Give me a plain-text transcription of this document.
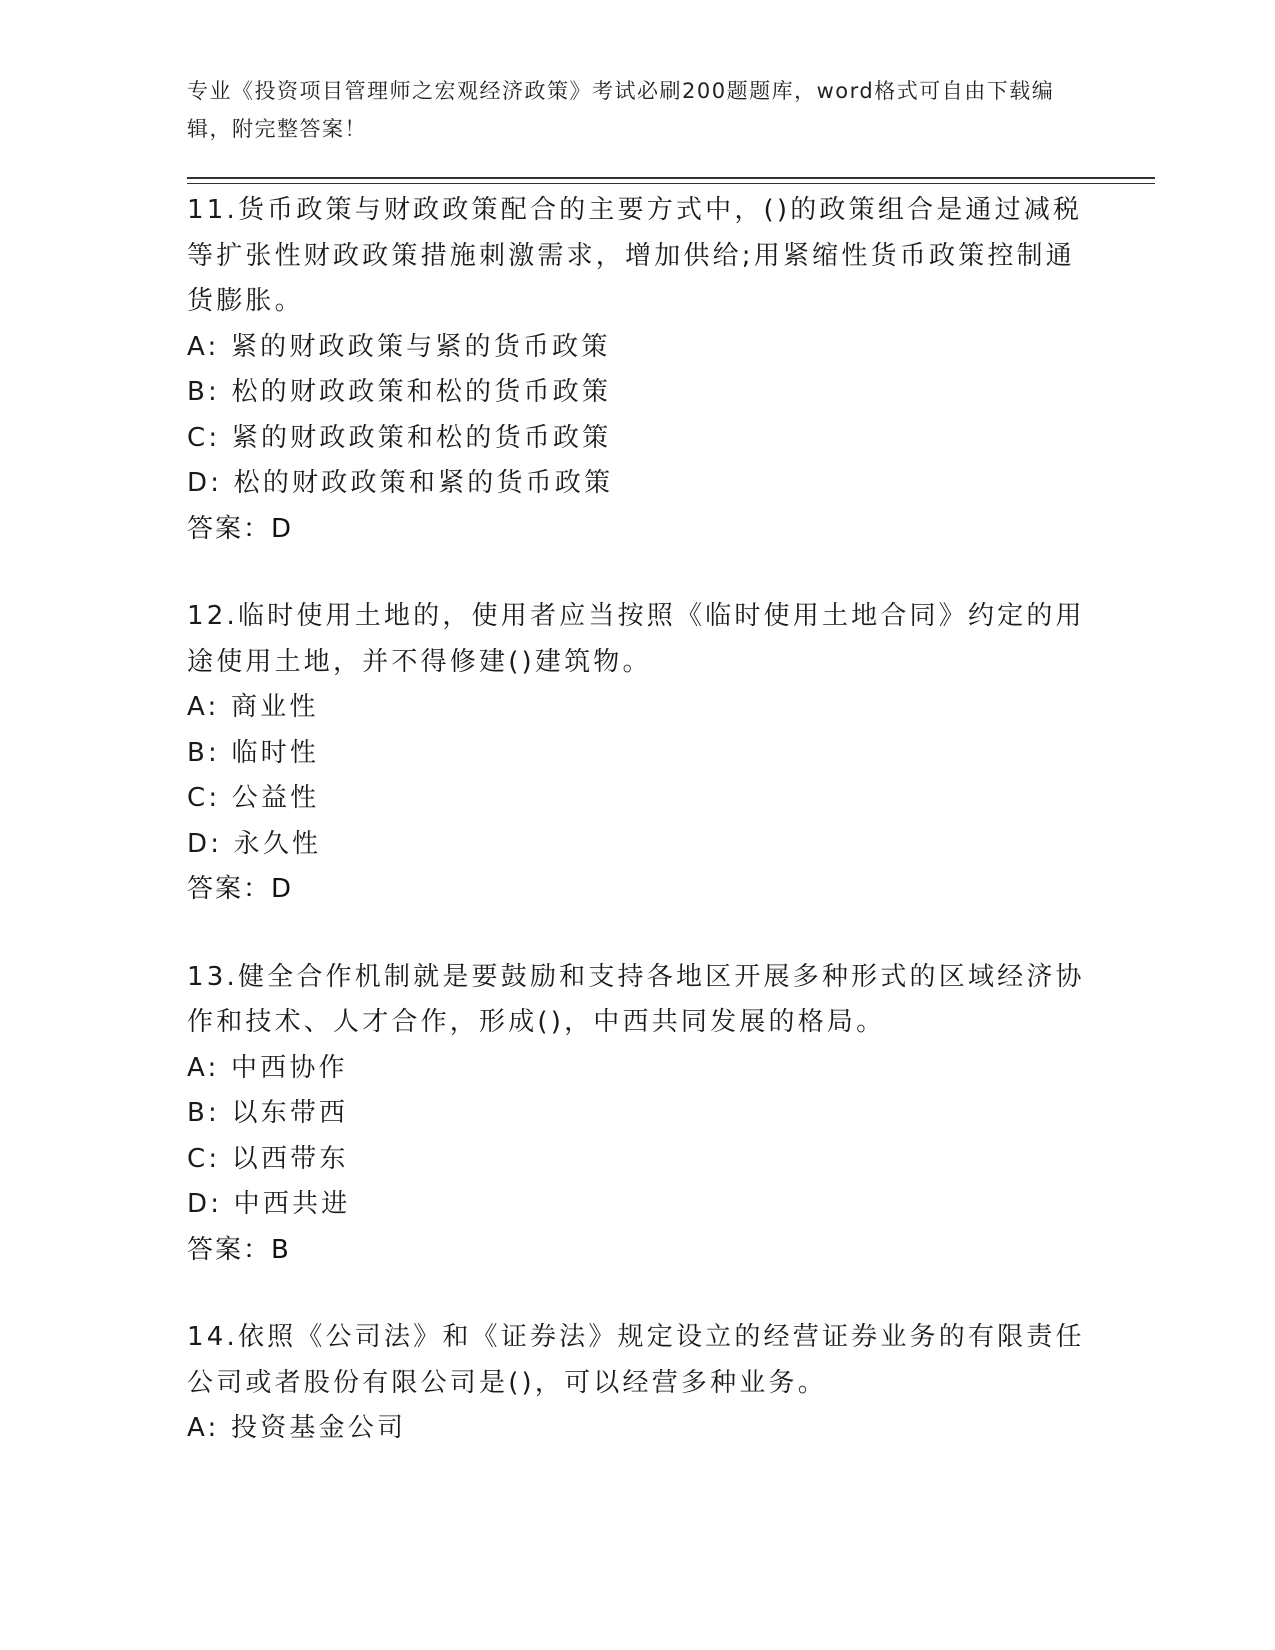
专业《投资项目管理师之宏观经济政策》考试必刷200题题库，word格式可自由下载编辑，附完整答案！

11.货币政策与财政政策配合的主要方式中，()的政策组合是通过减税等扩张性财政政策措施刺激需求，增加供给;用紧缩性货币政策控制通货膨胀。

A: 紧的财政政策与紧的货币政策

B: 松的财政政策和松的货币政策

C: 紧的财政政策和松的货币政策

D: 松的财政政策和紧的货币政策

答案：D

12.临时使用土地的，使用者应当按照《临时使用土地合同》约定的用途使用土地，并不得修建()建筑物。

A: 商业性

B: 临时性

C: 公益性

D: 永久性

答案：D

13.健全合作机制就是要鼓励和支持各地区开展多种形式的区域经济协作和技术、人才合作，形成()，中西共同发展的格局。

A: 中西协作

B: 以东带西

C: 以西带东

D: 中西共进

答案：B

14.依照《公司法》和《证券法》规定设立的经营证券业务的有限责任公司或者股份有限公司是()，可以经营多种业务。

A: 投资基金公司
